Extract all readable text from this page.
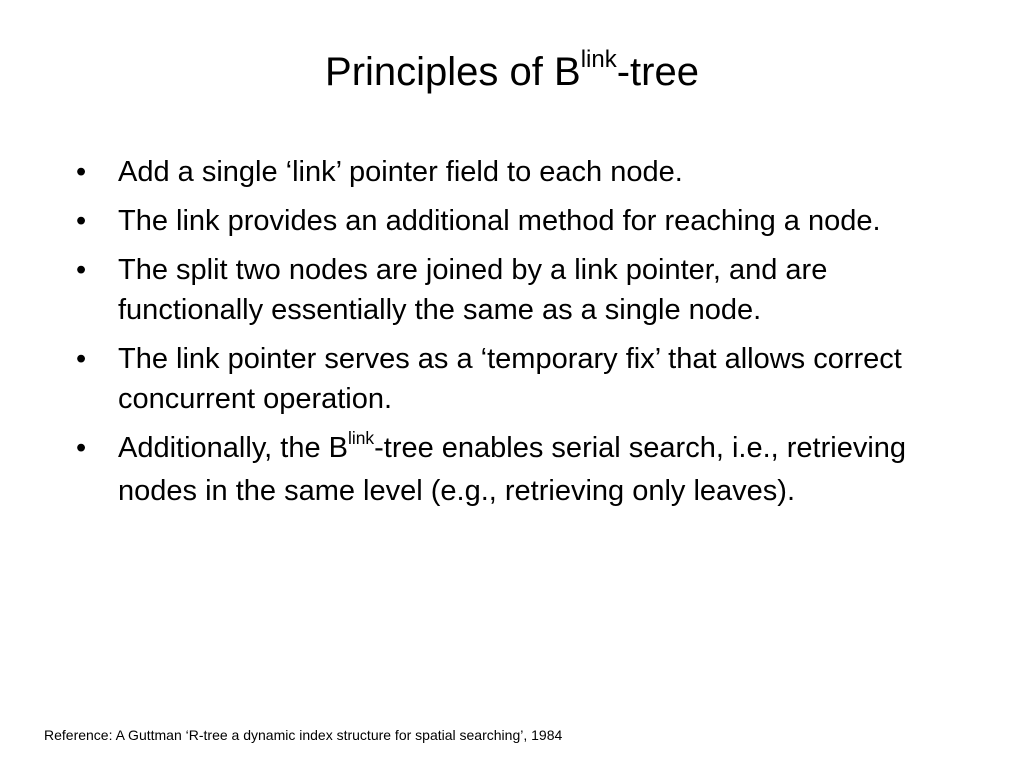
Principles of $B^{link}$-tree
•	Add a single ‘link’ pointer field to each node.
•	The link provides an additional method for reaching a node.
•	The split two nodes are joined by a link pointer, and are functionally essentially the same as a single node.
•	The link pointer serves as a ‘temporary fix’ that allows correct concurrent operation.
•	Additionally, the $B^{link}$-tree enables serial search, i.e., retrieving nodes in the same level (e.g., retrieving only leaves).
Reference: A Guttman ‘R-tree a dynamic index structure for spatial searching’, 1984
